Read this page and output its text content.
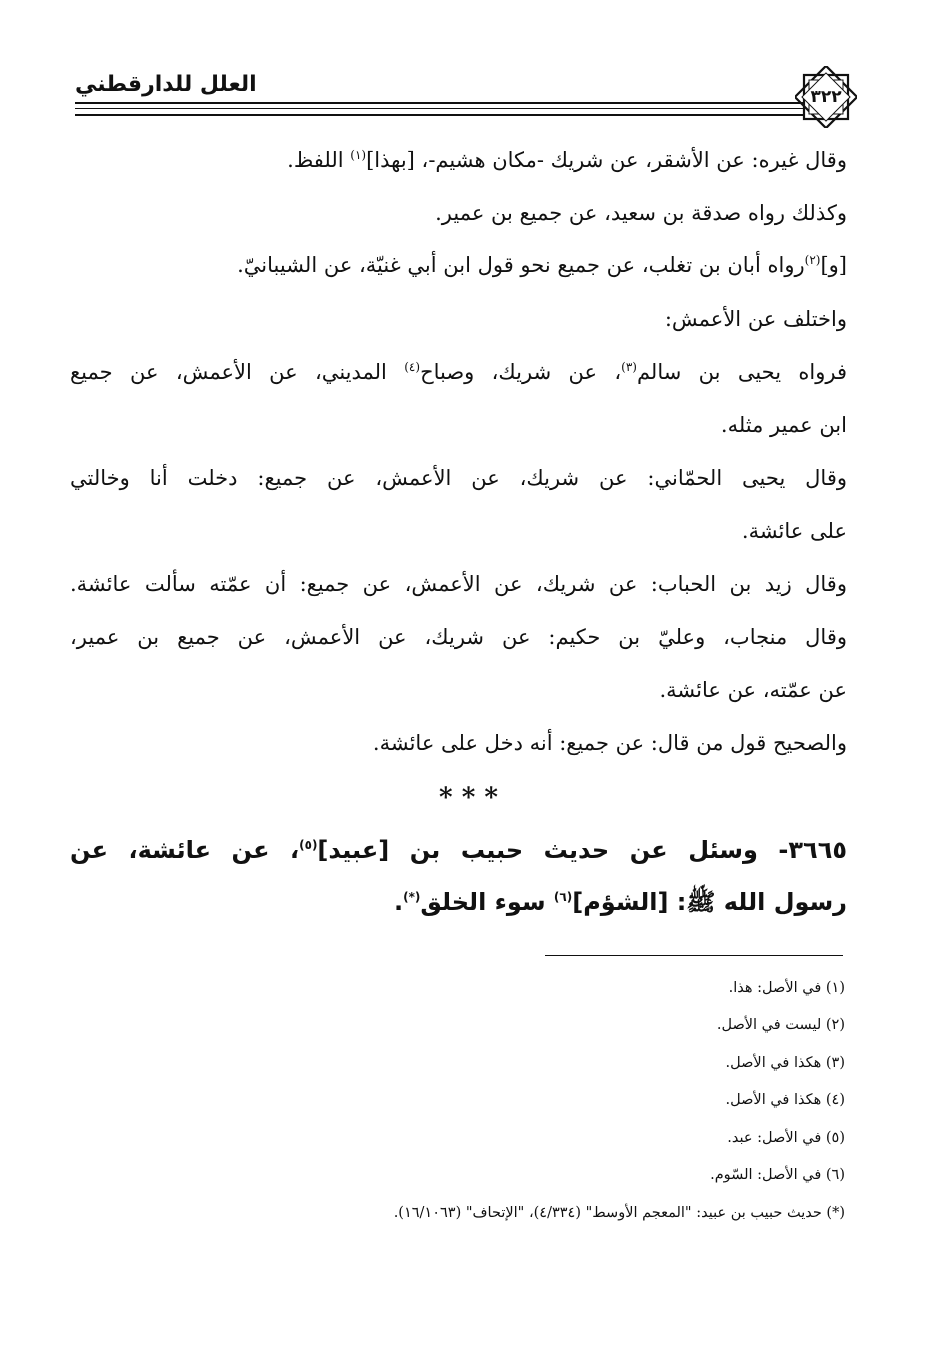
٣٢٢
العلل للدارقطني
وقال غيره: عن الأشقر، عن شريك -مكان هشيم-، [بهذا]$^{(١)}$ اللفظ.
وكذلك رواه صدقة بن سعيد، عن جميع بن عمير.
[و]$^{(٢)}$رواه أبان بن تغلب، عن جميع نحو قول ابن أبي غنيّة، عن الشيبانيّ.
واختلف عن الأعمش:
فرواه يحيى بن سالم$^{(٣)}$، عن شريك، وصباح$^{(٤)}$ المديني، عن الأعمش، عن جميع
ابن عمير مثله.
وقال يحيى الحمّاني: عن شريك، عن الأعمش، عن جميع: دخلت أنا وخالتي
على عائشة.
وقال زيد بن الحباب: عن شريك، عن الأعمش، عن جميع: أن عمّته سألت عائشة.
وقال منجاب، وعليّ بن حكيم: عن شريك، عن الأعمش، عن جميع بن عمير،
عن عمّته، عن عائشة.
والصحيح قول من قال: عن جميع: أنه دخل على عائشة.
* * *
٣٦٦٥- وسئل عن حديث حبيب بن [عبيد]$^{(٥)}$، عن عائشة، عن
رسول الله ﷺ: [الشؤم]$^{(٦)}$ سوء الخلق(*).
(١) في الأصل: هذا.
(٢) ليست في الأصل.
(٣) هكذا في الأصل.
(٤) هكذا في الأصل.
(٥) في الأصل: عبد.
(٦) في الأصل: السّوم.
(*) حديث حبيب بن عبيد: "المعجم الأوسط" (٤/٣٣٤)، "الإتحاف" (١٦/١٠٦٣).
